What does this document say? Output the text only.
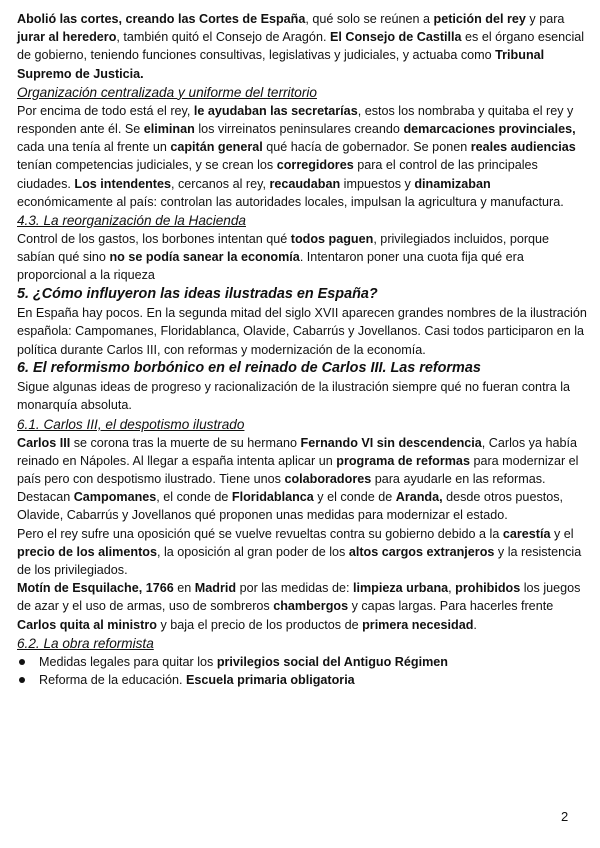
Abolió las cortes, creando las Cortes de España, qué solo se reúnen a petición del rey y para jurar al heredero, también quitó el Consejo de Aragón. El Consejo de Castilla es el órgano esencial de gobierno, teniendo funciones consultivas, legislativas y judiciales, y actuaba como Tribunal Supremo de Justicia.

Organización centralizada y uniforme del territorio

Por encima de todo está el rey, le ayudaban las secretarías, estos los nombraba y quitaba el rey y responden ante él. Se eliminan los virreinatos peninsulares creando demarcaciones provinciales, cada una tenía al frente un capitán general qué hacía de gobernador. Se ponen reales audiencias tenían competencias judiciales, y se crean los corregidores para el control de las principales ciudades. Los intendentes, cercanos al rey, recaudaban impuestos y dinamizaban económicamente al país: controlan las autoridades locales, impulsan la agricultura y manufactura.

4.3. La reorganización de la Hacienda

Control de los gastos, los borbones intentan qué todos paguen, privilegiados incluidos, porque sabían qué sino no se podía sanear la economía. Intentaron poner una cuota fija qué era proporcional a la riqueza

5. ¿Cómo influyeron las ideas ilustradas en España?

En España hay pocos. En la segunda mitad del siglo XVII aparecen grandes nombres de la ilustración española: Campomanes, Floridablanca, Olavide, Cabarrús y Jovellanos. Casi todos participaron en la política durante Carlos III, con reformas y modernización de la economía.

6. El reformismo borbónico en el reinado de Carlos III. Las reformas

Sigue algunas ideas de progreso y racionalización de la ilustración siempre qué no fueran contra la monarquía absoluta.

6.1. Carlos III, el despotismo ilustrado

Carlos III se corona tras la muerte de su hermano Fernando VI sin descendencia, Carlos ya había reinado en Nápoles. Al llegar a españa intenta aplicar un programa de reformas para modernizar el país pero con despotismo ilustrado. Tiene unos colaboradores para ayudarle en las reformas. Destacan Campomanes, el conde de Floridablanca y el conde de Aranda, desde otros puestos, Olavide, Cabarrús y Jovellanos qué proponen unas medidas para modernizar el estado.

Pero el rey sufre una oposición qué se vuelve revueltas contra su gobierno debido a la carestía y el precio de los alimentos, la oposición al gran poder de los altos cargos extranjeros y la resistencia de los privilegiados.

Motín de Esquilache, 1766 en Madrid por las medidas de: limpieza urbana, prohibidos los juegos de azar y el uso de armas, uso de sombreros chambergos y capas largas. Para hacerles frente Carlos quita al ministro y baja el precio de los productos de primera necesidad.

6.2. La obra reformista
Medidas legales para quitar los privilegios social del Antiguo Régimen
Reforma de la educación. Escuela primaria obligatoria
2
